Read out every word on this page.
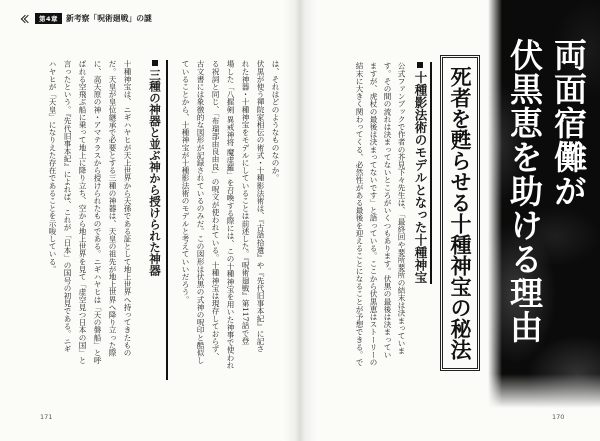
第4章	新考察「呪術廻戦」の謎
は、それはどのようなものなのか。
伏黒が使う禪院家相伝の術式・十種影法術は、『古語拾遺』や『先代旧事本紀』に記さ
れた神器・十種神宝をモデルにしていることは前述した。『呪術廻戦』第117話で登
場した「八握剣 異戒神将 魔虚羅」を召喚する際には、この十種神宝を用いた神事で使われ
る祝詞と同じ、「布瑠部由良由良」の呪文が使われている。十種神宝は現存しておらず、
古文書には象徴的な図形が記録されているのみだ。この図形は伏黒の式神の呪印と酷似し
ていることから、十種神宝が十種影法術のモデルと考えていいだろう。
三種の神器と並ぶ神から授けられた神器
十種神宝は、ニギハヤヒが天上世界から天孫である証として地上世界へ持ってきたもの
だ。天皇が皇位継承で必要とする三種の神器は、天皇の祖先が地上世界へ降り立った際
に、高天原の神・アマテラスから授けられたものである。ニギハヤヒは「天の磐船」と呼
ばれる空飛ぶ船に乗って地上に降り立ち、空から地上世界を見て「虚空見つ日本の国」と
言ったという。『先代旧事本紀』によれば、これが「日本」の国号の初見である。ニギ
ハヤヒが「天皇」になりえた存在であることを示唆している。
171
公式ファンブックで作者の芥見下々先生は、「最終回や要所要所の結末は決まっていま
す。その間の流れは決まってないところがいくつもあります。伏黒の最後は決まってい
ますが、虎杖の最後は決まってないです」と語っている。ここから伏黒恵はストーリーの
結末に大きく関わってくる、必然性がある最後を迎えることになることが予想できる。で	十種影法術のモデルとなった十種神宝 死者を甦らせる十種神宝の秘法 両面宿儺が
伏黒恵を助ける理由
170
